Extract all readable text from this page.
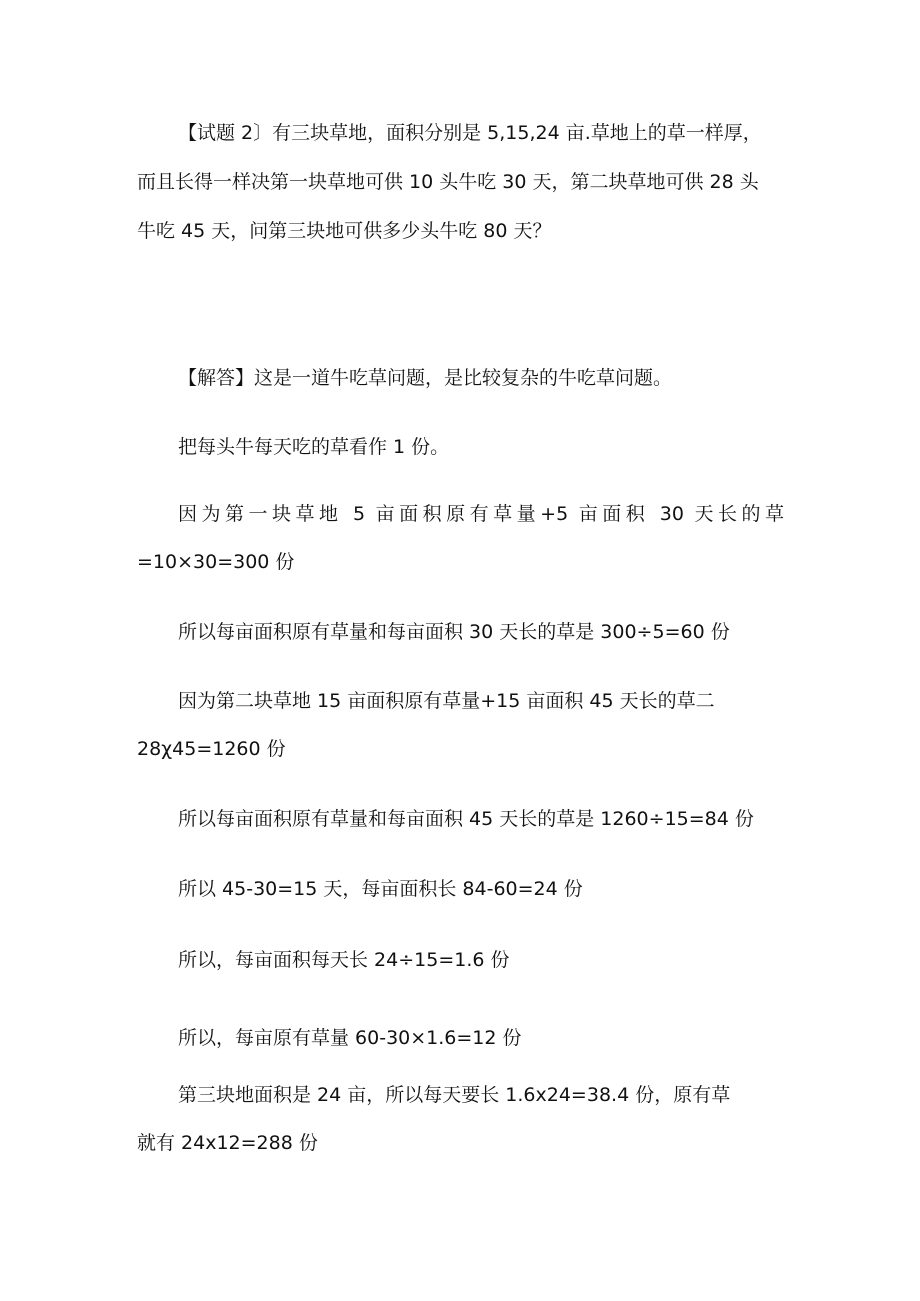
【试题 2〕有三块草地，面积分别是 5,15,24 亩.草地上的草一样厚，
而且长得一样决第一块草地可供 10 头牛吃 30 天，第二块草地可供 28 头
牛吃 45 天，问第三块地可供多少头牛吃 80 天？
【解答】这是一道牛吃草问题，是比较复杂的牛吃草问题。
把每头牛每天吃的草看作 1 份。
因为第一块草地 5 亩面积原有草量+5 亩面积 30 天长的草
=10×30=300 份
所以每亩面积原有草量和每亩面积 30 天长的草是 300÷5=60 份
因为第二块草地 15 亩面积原有草量+15 亩面积 45 天长的草二
28χ45=1260 份
所以每亩面积原有草量和每亩面积 45 天长的草是 1260÷15=84 份
所以 45-30=15 天，每亩面积长 84-60=24 份
所以，每亩面积每天长 24÷15=1.6 份
所以，每亩原有草量 60-30×1.6=12 份
第三块地面积是 24 亩，所以每天要长 1.6x24=38.4 份，原有草
就有 24x12=288 份
